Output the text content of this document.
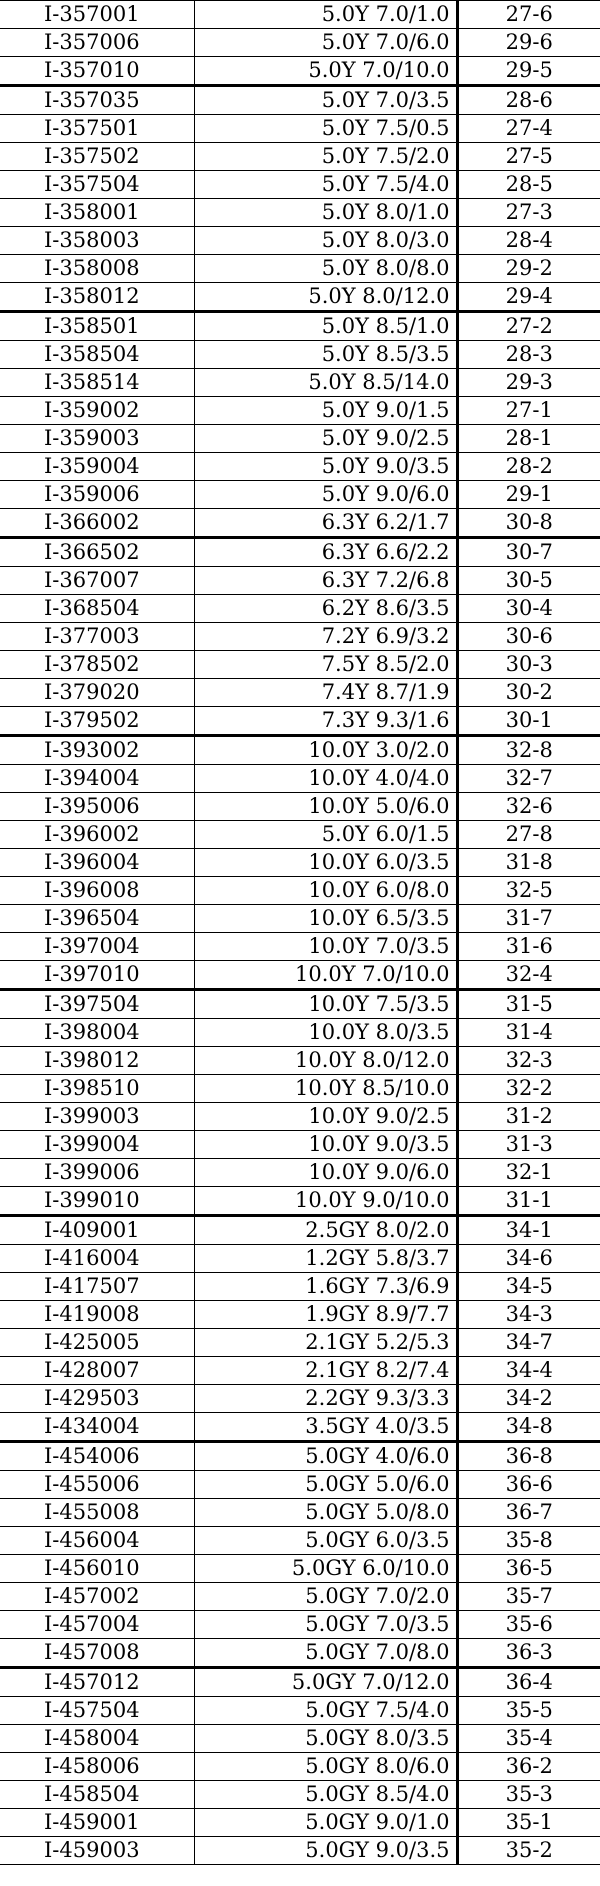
I-357001	5.0Y 7.0/1.0	27-6
I-357006	5.0Y 7.0/6.0	29-6
I-357010	5.0Y 7.0/10.0	29-5
I-357035	5.0Y 7.0/3.5	28-6
I-357501	5.0Y 7.5/0.5	27-4
I-357502	5.0Y 7.5/2.0	27-5
I-357504	5.0Y 7.5/4.0	28-5
I-358001	5.0Y 8.0/1.0	27-3
I-358003	5.0Y 8.0/3.0	28-4
I-358008	5.0Y 8.0/8.0	29-2
I-358012	5.0Y 8.0/12.0	29-4
I-358501	5.0Y 8.5/1.0	27-2
I-358504	5.0Y 8.5/3.5	28-3
I-358514	5.0Y 8.5/14.0	29-3
I-359002	5.0Y 9.0/1.5	27-1
I-359003	5.0Y 9.0/2.5	28-1
I-359004	5.0Y 9.0/3.5	28-2
I-359006	5.0Y 9.0/6.0	29-1
I-366002	6.3Y 6.2/1.7	30-8
I-366502	6.3Y 6.6/2.2	30-7
I-367007	6.3Y 7.2/6.8	30-5
I-368504	6.2Y 8.6/3.5	30-4
I-377003	7.2Y 6.9/3.2	30-6
I-378502	7.5Y 8.5/2.0	30-3
I-379020	7.4Y 8.7/1.9	30-2
I-379502	7.3Y 9.3/1.6	30-1
I-393002	10.0Y 3.0/2.0	32-8
I-394004	10.0Y 4.0/4.0	32-7
I-395006	10.0Y 5.0/6.0	32-6
I-396002	5.0Y 6.0/1.5	27-8
I-396004	10.0Y 6.0/3.5	31-8
I-396008	10.0Y 6.0/8.0	32-5
I-396504	10.0Y 6.5/3.5	31-7
I-397004	10.0Y 7.0/3.5	31-6
I-397010	10.0Y 7.0/10.0	32-4
I-397504	10.0Y 7.5/3.5	31-5
I-398004	10.0Y 8.0/3.5	31-4
I-398012	10.0Y 8.0/12.0	32-3
I-398510	10.0Y 8.5/10.0	32-2
I-399003	10.0Y 9.0/2.5	31-2
I-399004	10.0Y 9.0/3.5	31-3
I-399006	10.0Y 9.0/6.0	32-1
I-399010	10.0Y 9.0/10.0	31-1
I-409001	2.5GY 8.0/2.0	34-1
I-416004	1.2GY 5.8/3.7	34-6
I-417507	1.6GY 7.3/6.9	34-5
I-419008	1.9GY 8.9/7.7	34-3
I-425005	2.1GY 5.2/5.3	34-7
I-428007	2.1GY 8.2/7.4	34-4
I-429503	2.2GY 9.3/3.3	34-2
I-434004	3.5GY 4.0/3.5	34-8
I-454006	5.0GY 4.0/6.0	36-8
I-455006	5.0GY 5.0/6.0	36-6
I-455008	5.0GY 5.0/8.0	36-7
I-456004	5.0GY 6.0/3.5	35-8
I-456010	5.0GY 6.0/10.0	36-5
I-457002	5.0GY 7.0/2.0	35-7
I-457004	5.0GY 7.0/3.5	35-6
I-457008	5.0GY 7.0/8.0	36-3
I-457012	5.0GY 7.0/12.0	36-4
I-457504	5.0GY 7.5/4.0	35-5
I-458004	5.0GY 8.0/3.5	35-4
I-458006	5.0GY 8.0/6.0	36-2
I-458504	5.0GY 8.5/4.0	35-3
I-459001	5.0GY 9.0/1.0	35-1
I-459003	5.0GY 9.0/3.5	35-2
